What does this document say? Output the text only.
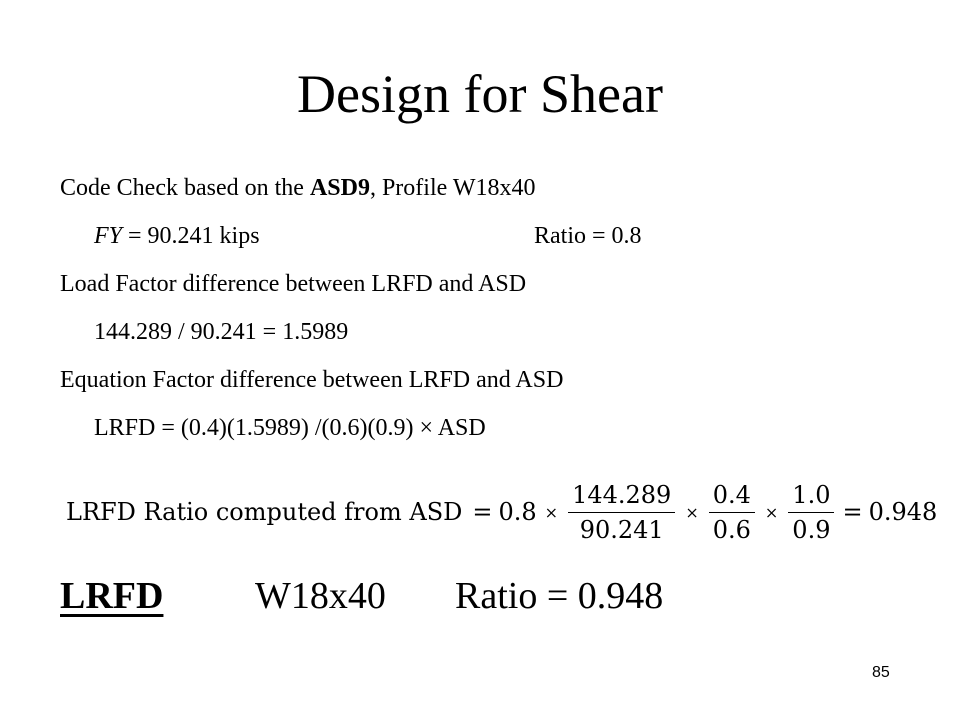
Design for Shear
Code Check based on the ASD9, Profile W18x40
FY = 90.241 kips	Ratio = 0.8
Load Factor difference between LRFD and ASD
144.289 / 90.241 = 1.5989
Equation Factor difference between LRFD and ASD
LRFD = (0.4)(1.5989) /(0.6)(0.9) × ASD
LRFD Ratio computed from ASD = $0.8 \times \frac{144.289}{90.241} \times \frac{0.4}{0.6} \times \frac{1.0}{0.9} = 0.948$
LRFD W18x40 Ratio = 0.948
85
